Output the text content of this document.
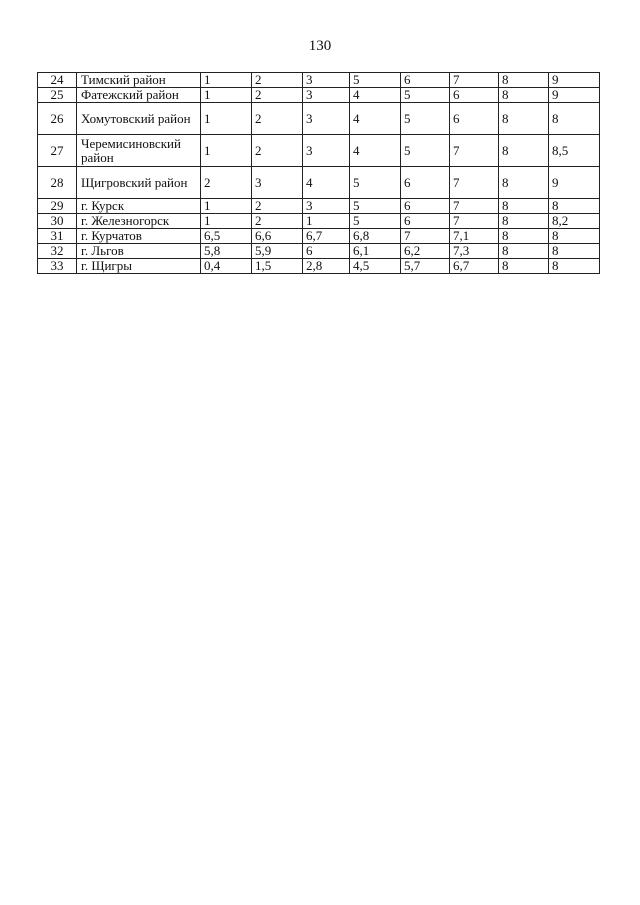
130
24	Тимский район	1	2	3	5	6	7	8	9
25	Фатежский район	1	2	3	4	5	6	8	9
26	Хомутовский район	1	2	3	4	5	6	8	8
27	Черемисиновский район	1	2	3	4	5	7	8	8,5
28	Щигровский район	2	3	4	5	6	7	8	9
29	г. Курск	1	2	3	5	6	7	8	8
30	г. Железногорск	1	2	1	5	6	7	8	8,2
31	г. Курчатов	6,5	6,6	6,7	6,8	7	7,1	8	8
32	г. Льгов	5,8	5,9	6	6,1	6,2	7,3	8	8
33	г. Щигры	0,4	1,5	2,8	4,5	5,7	6,7	8	8
